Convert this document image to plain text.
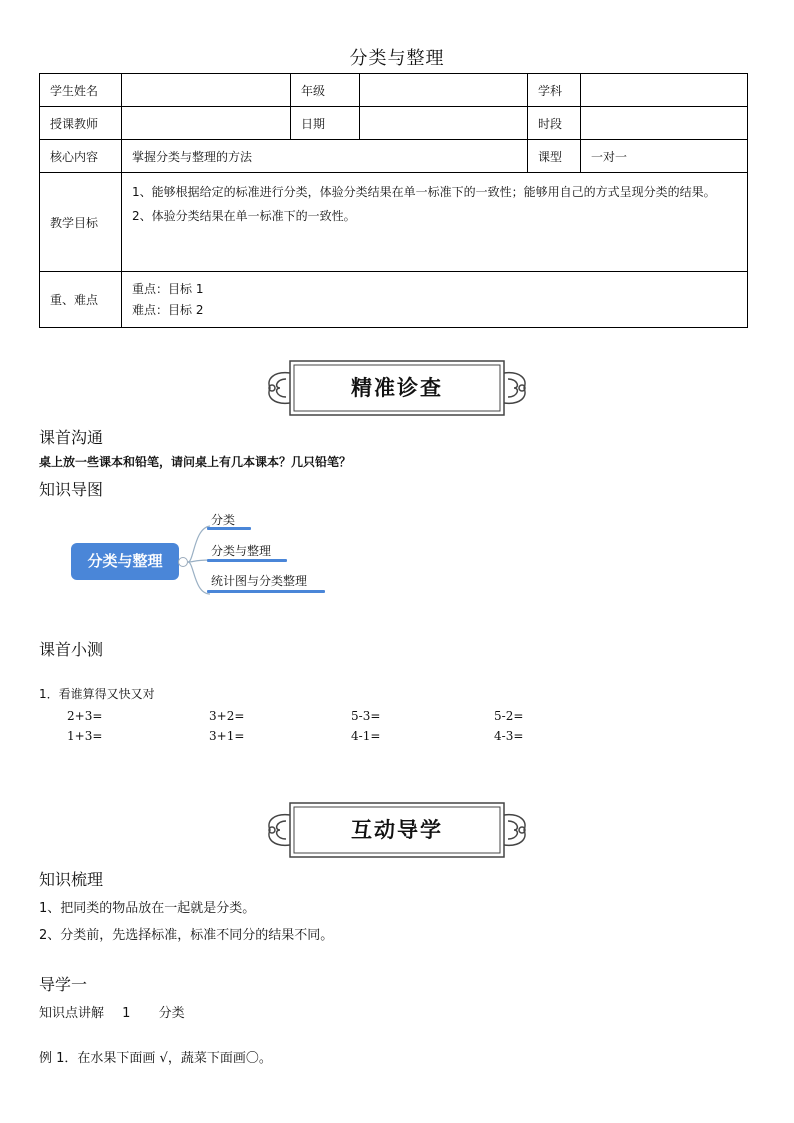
分类与整理
学生姓名		年级		学科	
授课教师		日期		时段	
核心内容	掌握分类与整理的方法			课型	一对一
教学目标	1、能够根据给定的标准进行分类，体验分类结果在单一标准下的一致性；能够用自己的方式呈现分类的结果。
2、体验分类结果在单一标准下的一致性。				

重、难点	重点：目标 1
难点：目标 2				
精准诊查
课首沟通
桌上放一些课本和铅笔，请问桌上有几本课本？几只铅笔？
知识导图
分类与整理
分类
分类与整理
统计图与分类整理
课首小测
1．看谁算得又快又对
2+3=	3+2=	5-3=	5-2=
1+3=	3+1=	4-1=	4-3=
互动导学
知识梳理
1、把同类的物品放在一起就是分类。
2、分类前，先选择标准，标准不同分的结果不同。
导学一
知识点讲解 1 分类
例 1．在水果下面画 √，蔬菜下面画〇。
